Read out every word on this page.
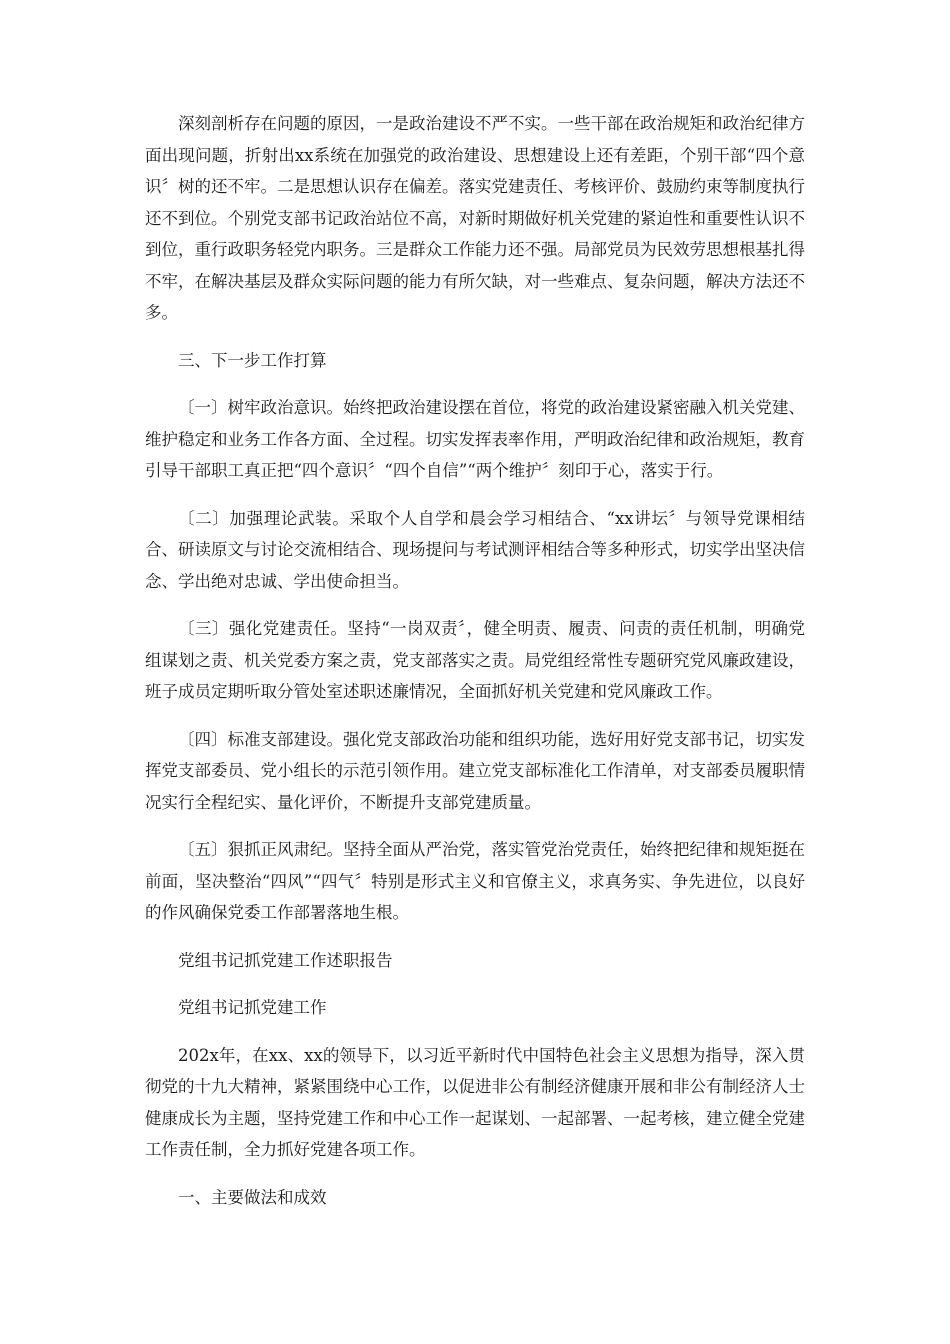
深刻剖析存在问题的原因，一是政治建设不严不实。一些干部在政治规矩和政治纪律方面出现问题，折射出xx系统在加强党的政治建设、思想建设上还有差距，个别干部“四个意识〞树的还不牢。二是思想认识存在偏差。落实党建责任、考核评价、鼓励约束等制度执行还不到位。个别党支部书记政治站位不高，对新时期做好机关党建的紧迫性和重要性认识不到位，重行政职务轻党内职务。三是群众工作能力还不强。局部党员为民效劳思想根基扎得不牢，在解决基层及群众实际问题的能力有所欠缺，对一些难点、复杂问题，解决方法还不多。

三、下一步工作打算

〔一〕树牢政治意识。始终把政治建设摆在首位，将党的政治建设紧密融入机关党建、维护稳定和业务工作各方面、全过程。切实发挥表率作用，严明政治纪律和政治规矩，教育引导干部职工真正把“四个意识〞“四个自信”“两个维护〞刻印于心，落实于行。

〔二〕加强理论武装。采取个人自学和晨会学习相结合、“xx讲坛〞与领导党课相结合、研读原文与讨论交流相结合、现场提问与考试测评相结合等多种形式，切实学出坚决信念、学出绝对忠诚、学出使命担当。

〔三〕强化党建责任。坚持“一岗双责〞，健全明责、履责、问责的责任机制，明确党组谋划之责、机关党委方案之责，党支部落实之责。局党组经常性专题研究党风廉政建设，班子成员定期听取分管处室述职述廉情况，全面抓好机关党建和党风廉政工作。

〔四〕标准支部建设。强化党支部政治功能和组织功能，选好用好党支部书记，切实发挥党支部委员、党小组长的示范引领作用。建立党支部标准化工作清单，对支部委员履职情况实行全程纪实、量化评价，不断提升支部党建质量。

〔五〕狠抓正风肃纪。坚持全面从严治党，落实管党治党责任，始终把纪律和规矩挺在前面，坚决整治“四风”“四气〞特别是形式主义和官僚主义，求真务实、争先进位，以良好的作风确保党委工作部署落地生根。

党组书记抓党建工作述职报告

党组书记抓党建工作

202x年，在xx、xx的领导下，以习近平新时代中国特色社会主义思想为指导，深入贯彻党的十九大精神，紧紧围绕中心工作，以促进非公有制经济健康开展和非公有制经济人士健康成长为主题，坚持党建工作和中心工作一起谋划、一起部署、一起考核，建立健全党建工作责任制，全力抓好党建各项工作。

一、主要做法和成效
